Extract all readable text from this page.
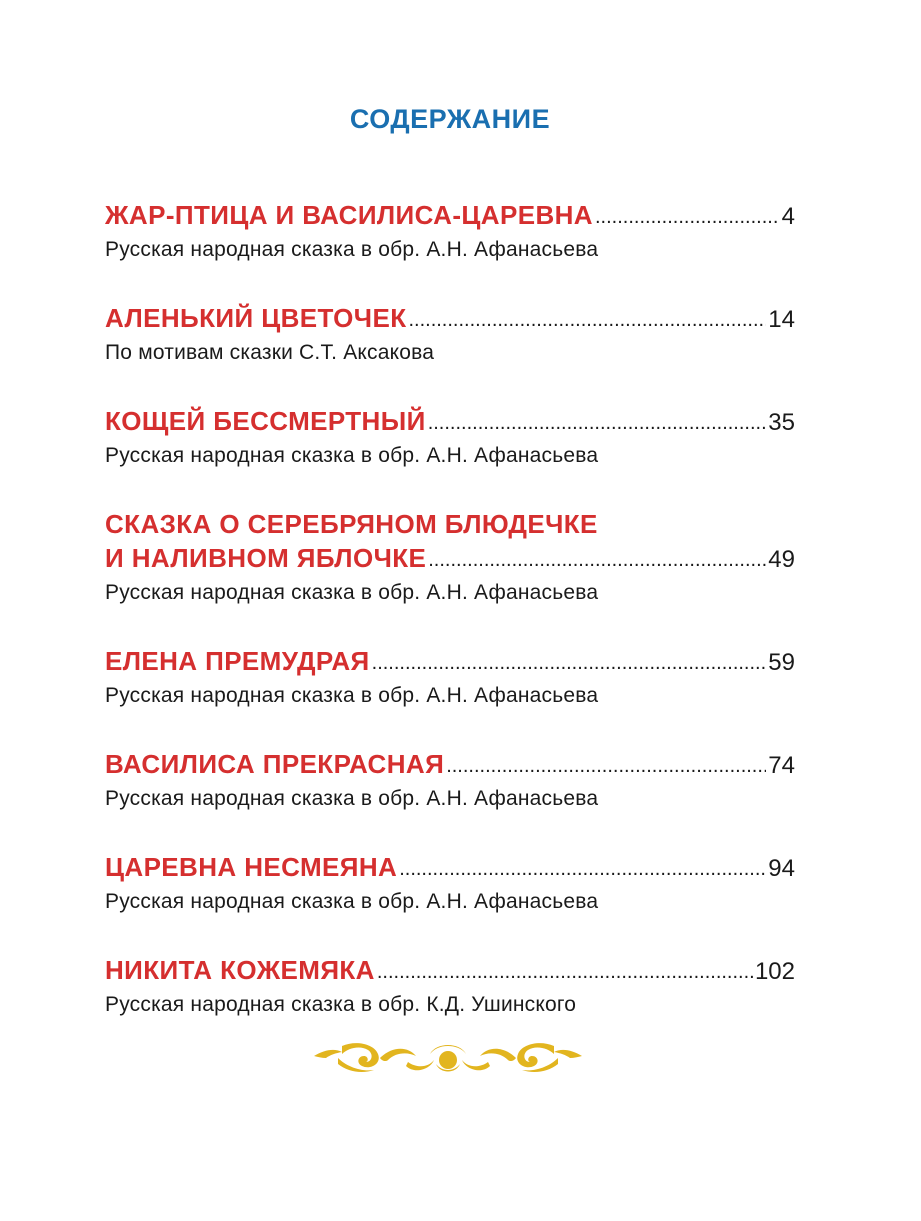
СОДЕРЖАНИЕ
ЖАР-ПТИЦА И ВАСИЛИСА-ЦАРЕВНА .....	4
Русская народная сказка в обр. А.Н. Афанасьева
АЛЕНЬКИЙ ЦВЕТОЧЕК .....	14
По мотивам сказки С.Т. Аксакова
КОЩЕЙ БЕССМЕРТНЫЙ .....	35
Русская народная сказка в обр. А.Н. Афанасьева
СКАЗКА О СЕРЕБРЯНОМ БЛЮДЕЧКЕ
И НАЛИВНОМ ЯБЛОЧКЕ .....	49
Русская народная сказка в обр. А.Н. Афанасьева
ЕЛЕНА ПРЕМУДРАЯ .....	59
Русская народная сказка в обр. А.Н. Афанасьева
ВАСИЛИСА ПРЕКРАСНАЯ .....	74
Русская народная сказка в обр. А.Н. Афанасьева
ЦАРЕВНА НЕСМЕЯНА .....	94
Русская народная сказка в обр. А.Н. Афанасьева
НИКИТА КОЖЕМЯКА .....	102
Русская народная сказка в обр. К.Д. Ушинского
